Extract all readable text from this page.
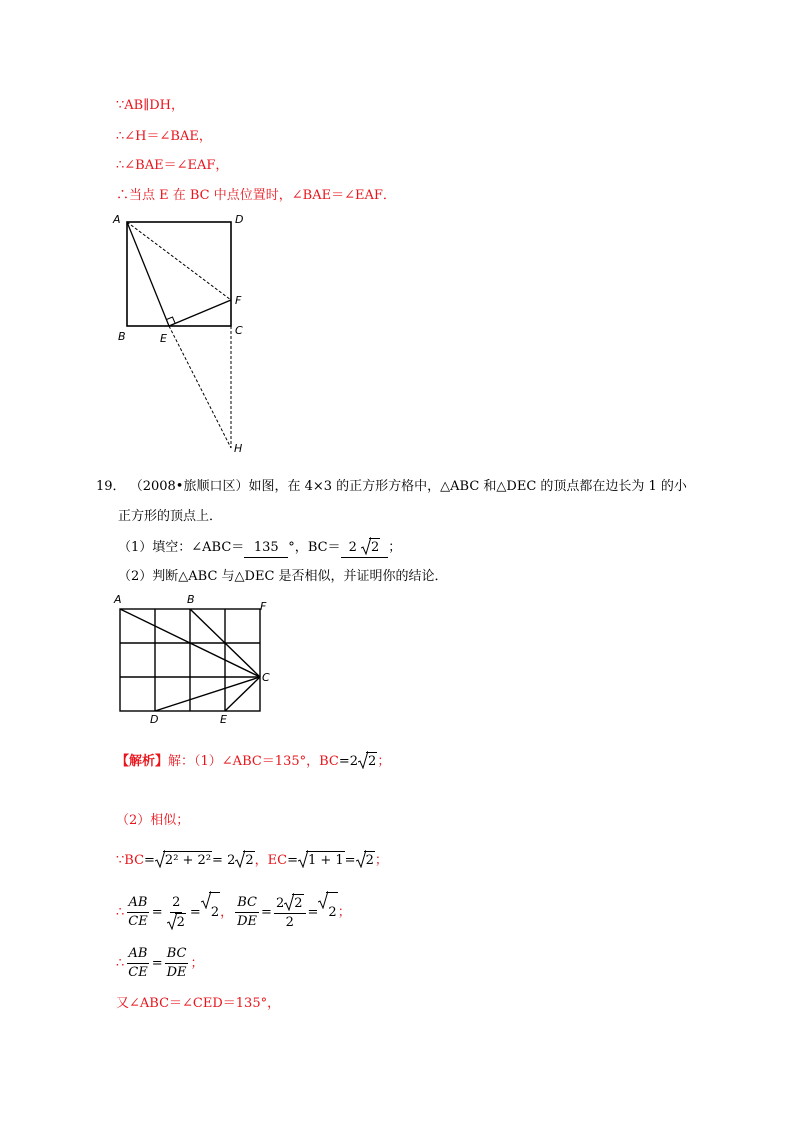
∵AB∥DH，
∴∠H＝∠BAE，
∴∠BAE＝∠EAF，
∴当点 E 在 BC 中点位置时，∠BAE＝∠EAF．
A	D
F
B	E
C
H
19． （2008•旅顺口区）如图，在 4×3 的正方形方格中，△ABC 和△DEC 的顶点都在边长为 1 的小
正方形的顶点上．
（1）填空：∠ABC＝ 135 °，BC＝ 2 2 ；
（2）判断△ABC 与△DEC 是否相似，并证明你的结论．
A	B
F
C
D	E
【解析】解：（1）∠ABC＝135°，BC=2 2；
（2）相似；
∵BC= 2² + 2²= 2 2，EC= 1 + 1= 2；
∴ $\frac{AB}{CE} = \frac{2}{2} = 2$， $\frac{BC}{DE} = \frac{2 2}{2} = 2$；
∴ $\frac{AB}{CE} = \frac{BC}{DE}$ ；
又∠ABC＝∠CED＝135°，
